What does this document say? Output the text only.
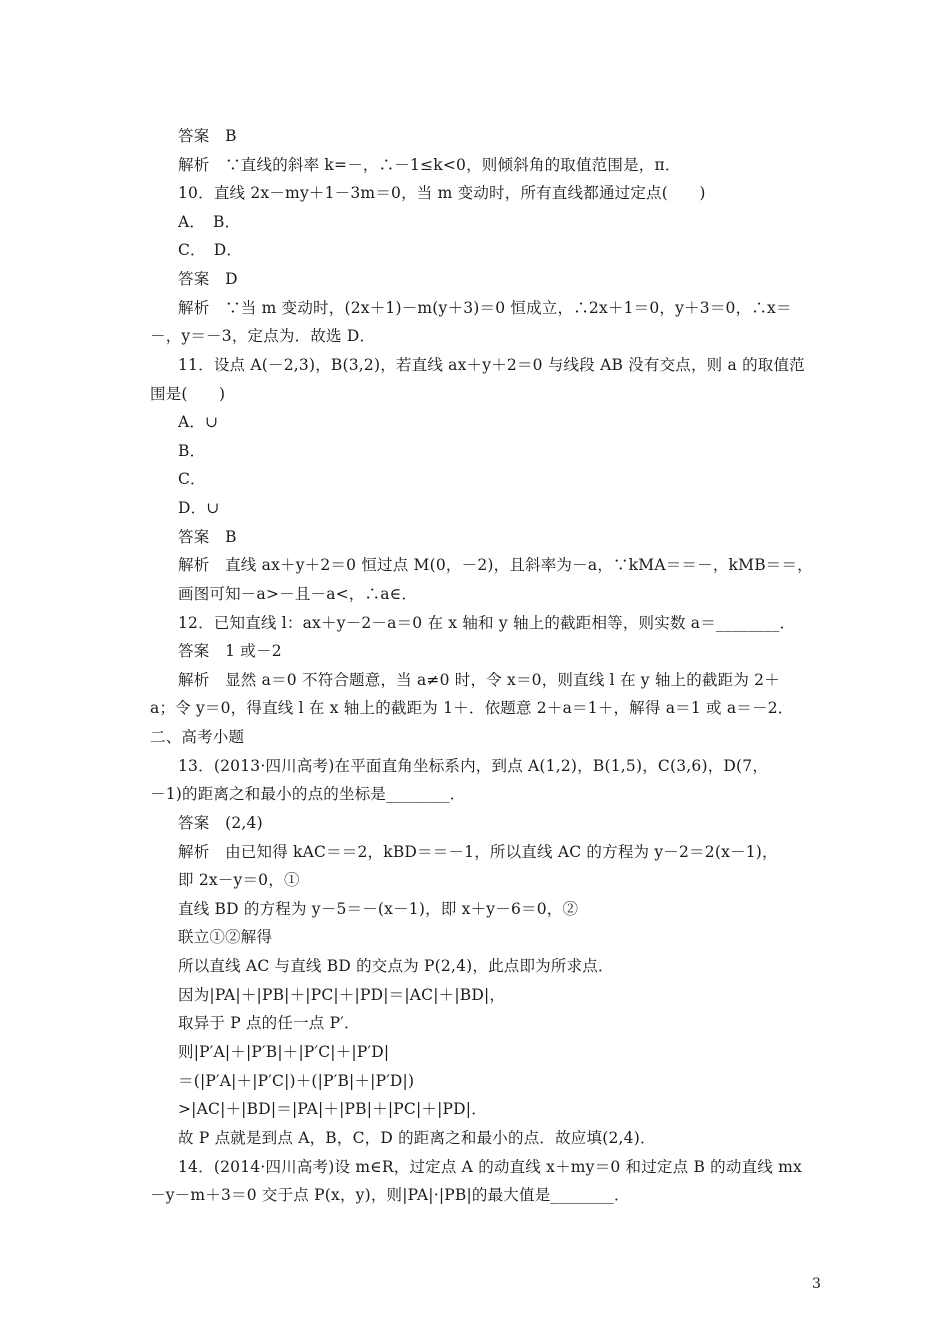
答案　B
解析　∵直线的斜率 k=－，∴－1≤k<0，则倾斜角的取值范围是，π．
10．直线 2x－my＋1－3m＝0，当 m 变动时，所有直线都通过定点(　　)
A．　B．
C．　D．
答案　D
解析　∵当 m 变动时，(2x＋1)－m(y＋3)＝0 恒成立，∴2x＋1＝0，y＋3＝0，∴x＝
－，y＝－3，定点为．故选 D．
11．设点 A(－2,3)，B(3,2)，若直线 ax＋y＋2＝0 与线段 AB 没有交点，则 a 的取值范
围是(　　)
A．∪
B．
C．
D．∪
答案　B
解析　直线 ax＋y＋2＝0 恒过点 M(0，－2)，且斜率为－a，∵kMA＝＝－，kMB＝＝，
画图可知－a>－且－a<，∴a∈．
12．已知直线 l：ax＋y－2－a＝0 在 x 轴和 y 轴上的截距相等，则实数 a＝________．
答案　1 或－2
解析　显然 a＝0 不符合题意，当 a≠0 时，令 x＝0，则直线 l 在 y 轴上的截距为 2＋
a；令 y＝0，得直线 l 在 x 轴上的截距为 1＋．依题意 2＋a＝1＋，解得 a＝1 或 a＝－2．
二、高考小题
13．(2013·四川高考)在平面直角坐标系内，到点 A(1,2)，B(1,5)，C(3,6)，D(7，
－1)的距离之和最小的点的坐标是________．
答案　(2,4)
解析　由已知得 kAC＝＝2，kBD＝＝－1，所以直线 AC 的方程为 y－2＝2(x－1)，
即 2x－y＝0，①
直线 BD 的方程为 y－5＝－(x－1)，即 x＋y－6＝0，②
联立①②解得
所以直线 AC 与直线 BD 的交点为 P(2,4)，此点即为所求点．
因为|PA|＋|PB|＋|PC|＋|PD|＝|AC|＋|BD|，
取异于 P 点的任一点 P′．
则|P′A|＋|P′B|＋|P′C|＋|P′D|
＝(|P′A|＋|P′C|)＋(|P′B|＋|P′D|)
>|AC|＋|BD|＝|PA|＋|PB|＋|PC|＋|PD|．
故 P 点就是到点 A，B，C，D 的距离之和最小的点．故应填(2,4)．
14．(2014·四川高考)设 m∈R，过定点 A 的动直线 x＋my＝0 和过定点 B 的动直线 mx
－y－m＋3＝0 交于点 P(x，y)，则|PA|·|PB|的最大值是________．
3
